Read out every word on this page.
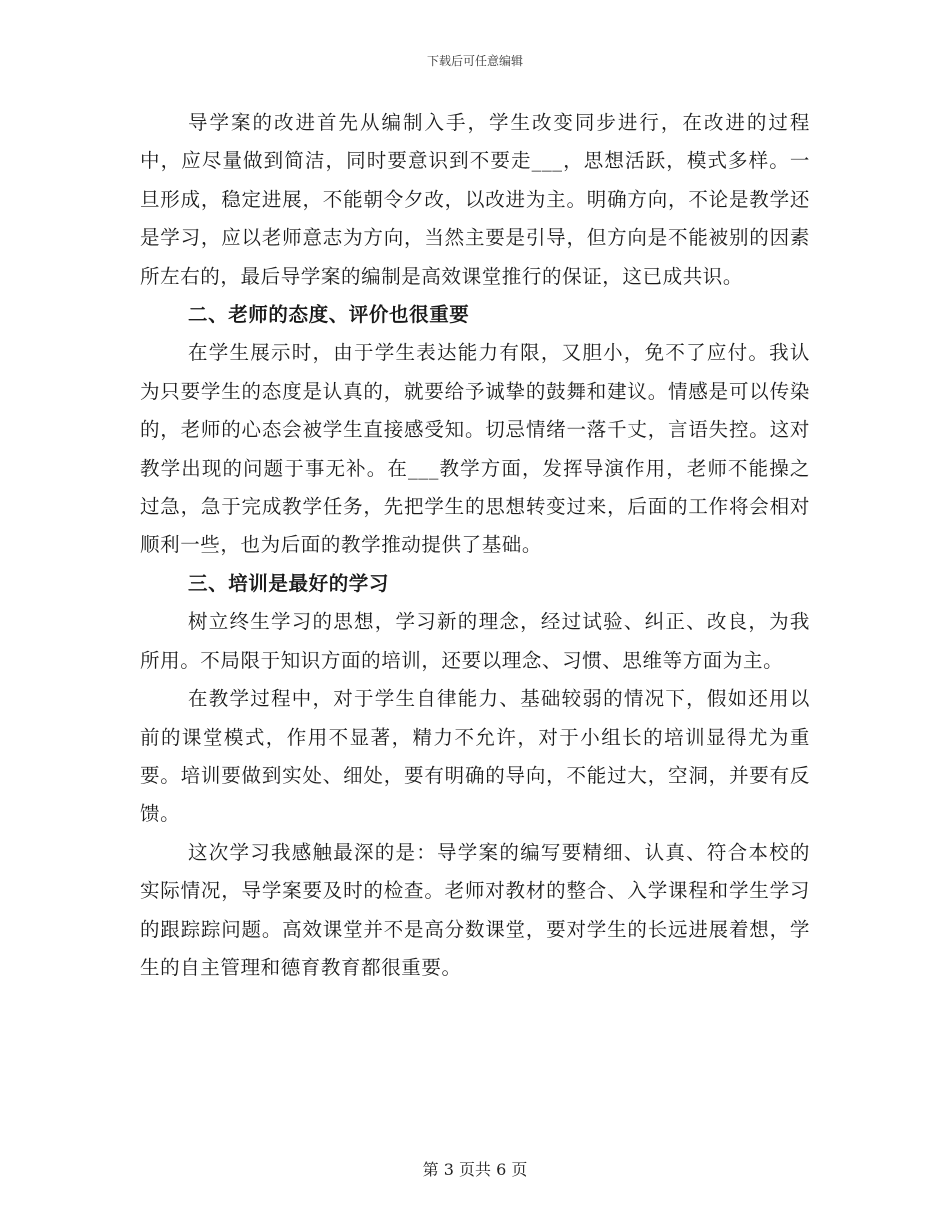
下载后可任意编辑

导学案的改进首先从编制入手，学生改变同步进行，在改进的过程中，应尽量做到简洁，同时要意识到不要走___，思想活跃，模式多样。一旦形成，稳定进展，不能朝令夕改，以改进为主。明确方向，不论是教学还是学习，应以老师意志为方向，当然主要是引导，但方向是不能被别的因素所左右的，最后导学案的编制是高效课堂推行的保证，这已成共识。

二、老师的态度、评价也很重要

在学生展示时，由于学生表达能力有限，又胆小，免不了应付。我认为只要学生的态度是认真的，就要给予诚挚的鼓舞和建议。情感是可以传染的，老师的心态会被学生直接感受知。切忌情绪一落千丈，言语失控。这对教学出现的问题于事无补。在___教学方面，发挥导演作用，老师不能操之过急，急于完成教学任务，先把学生的思想转变过来，后面的工作将会相对顺利一些，也为后面的教学推动提供了基础。

三、培训是最好的学习

树立终生学习的思想，学习新的理念，经过试验、纠正、改良，为我所用。不局限于知识方面的培训，还要以理念、习惯、思维等方面为主。

在教学过程中，对于学生自律能力、基础较弱的情况下，假如还用以前的课堂模式，作用不显著，精力不允许，对于小组长的培训显得尤为重要。培训要做到实处、细处，要有明确的导向，不能过大，空洞，并要有反馈。

这次学习我感触最深的是：导学案的编写要精细、认真、符合本校的实际情况，导学案要及时的检查。老师对教材的整合、入学课程和学生学习的跟踪踪问题。高效课堂并不是高分数课堂，要对学生的长远进展着想，学生的自主管理和德育教育都很重要。

第 3 页共 6 页
